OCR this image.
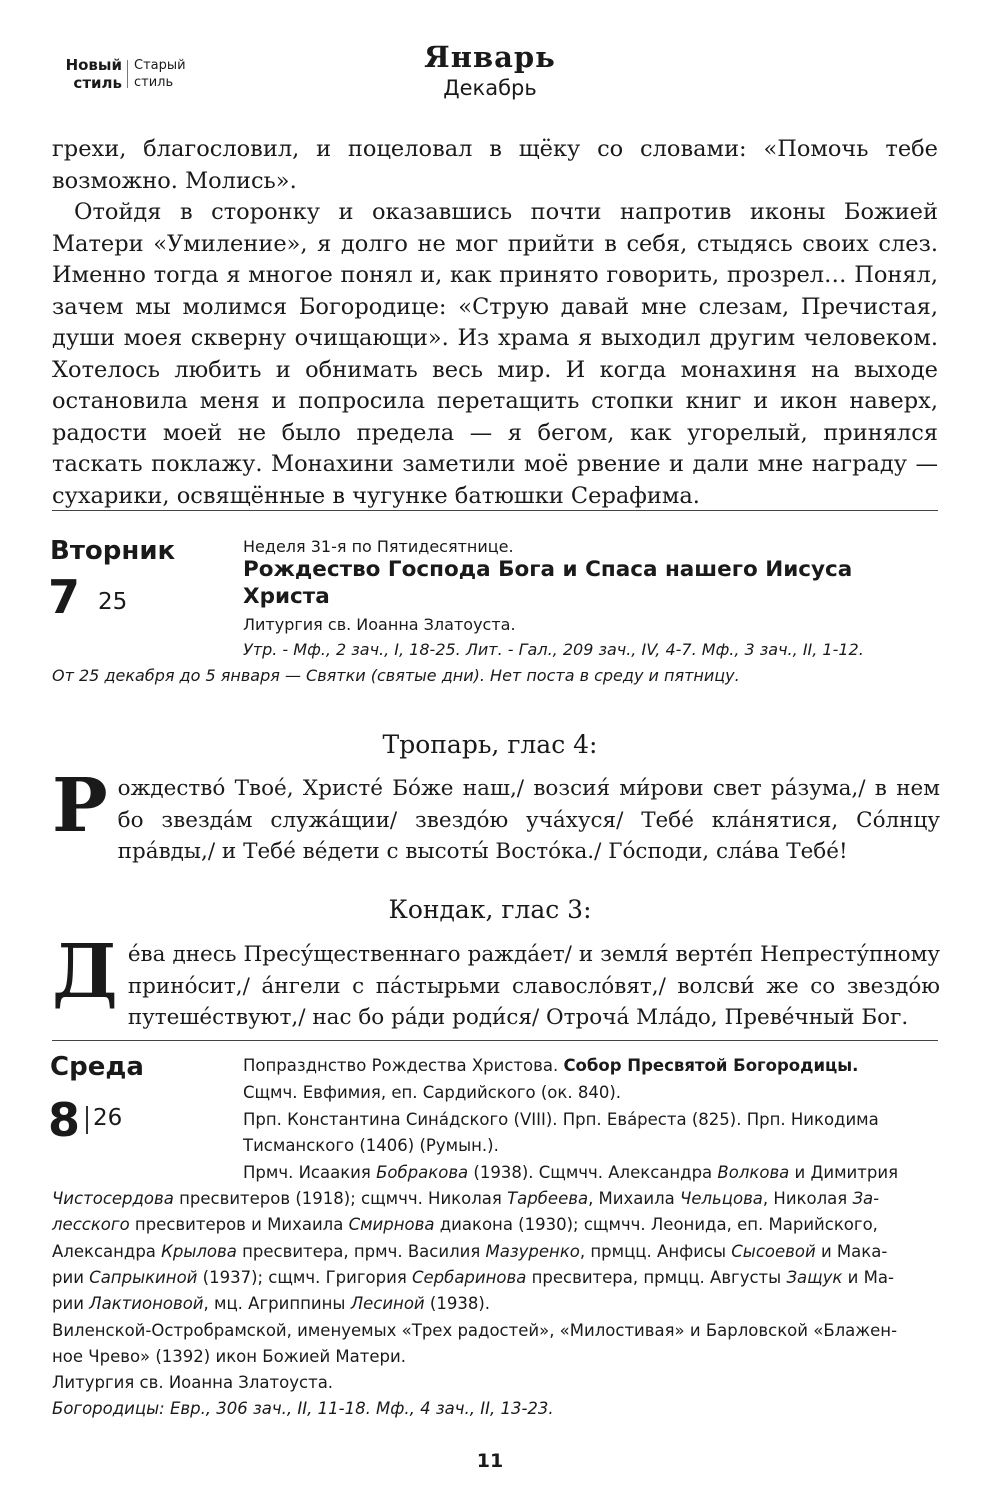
Новый
стиль
Старый
стиль
Январь
Декабрь

грехи, благословил, и поцеловал в щёку со словами: «Помочь тебе возможно. Молись».

Отойдя в сторонку и оказавшись почти напротив иконы Божией Матери «Умиление», я долго не мог прийти в себя, стыдясь своих слез. Именно тогда я многое понял и, как принято говорить, прозрел… Понял, зачем мы молимся Богородице: «Струю давай мне слезам, Пречистая, души моея скверну очищающи». Из храма я выходил другим человеком. Хотелось любить и обнимать весь мир. И когда монахиня на выходе остановила меня и попросила перетащить стопки книг и икон наверх, радости моей не было предела — я бегом, как угорелый, принялся таскать поклажу. Монахини заметили моё рвение и дали мне награду — сухарики, освящённые в чугунке батюшки Серафима.

Вторник
7 25
Неделя 31-я по Пятидесятнице.
Рождество Господа Бога и Спаса нашего Иисуса Христа
Литургия св. Иоанна Златоуста.
Утр. - Мф., 2 зач., I, 18-25. Лит. - Гал., 209 зач., IV, 4-7. Мф., 3 зач., II, 1-12.
От 25 декабря до 5 января — Святки (святые дни). Нет поста в среду и пятницу.
Тропарь, глас 4:
Рождество́ Твое́, Христе́ Бо́же наш,/ возсия́ ми́рови свет ра́зума,/ в нем бо звезда́м служа́щии/ звездо́ю уча́хуся/ Тебе́ кла́нятися, Со́лнцу пра́вды,/ и Тебе́ ве́дети с высоты́ Восто́ка./ Го́споди, сла́ва Тебе́!
Кондак, глас 3:
Де́ва днесь Пресу́щественнаго ражда́ет/ и земля́ верте́п Непресту́пному прино́сит,/ а́нгели с па́стырьми славосло́вят,/ волсви́ же со звездо́ю путеше́ствуют,/ нас бо ра́ди роди́ся/ Отроча́ Мла́до, Преве́чный Бог.
Среда
8 26
Попразднство Рождества Христова. Собор Пресвятой Богородицы.
Сщмч. Евфимия, еп. Сардийского (ок. 840).
Прп. Константина Сина́дского (VIII). Прп. Евáреста (825). Прп. Никодима
Тисманского (1406) (Румын.).
Прмч. Исаакия Бобракова (1938). Сщмчч. Александра Волкова и Димитрия
Чистосердова пресвитеров (1918); сщмчч. Николая Тарбеева, Михаила Чельцова, Николая За-
лесского пресвитеров и Михаила Смирнова диакона (1930); сщмчч. Леонида, еп. Марийского,
Александра Крылова пресвитера, прмч. Василия Мазуренко, прмцц. Анфисы Сысоевой и Мака-
рии Сапрыкиной (1937); сщмч. Григория Сербаринова пресвитера, прмцц. Августы Защук и Ма-
рии Лактионовой, мц. Агриппины Лесиной (1938).
Виленской-Остробрамской, именуемых «Трех радостей», «Милостивая» и Барловской «Блажен-
ное Чрево» (1392) икон Божией Матери.
Литургия св. Иоанна Златоуста.
Богородицы: Евр., 306 зач., II, 11-18. Мф., 4 зач., II, 13-23.
11
